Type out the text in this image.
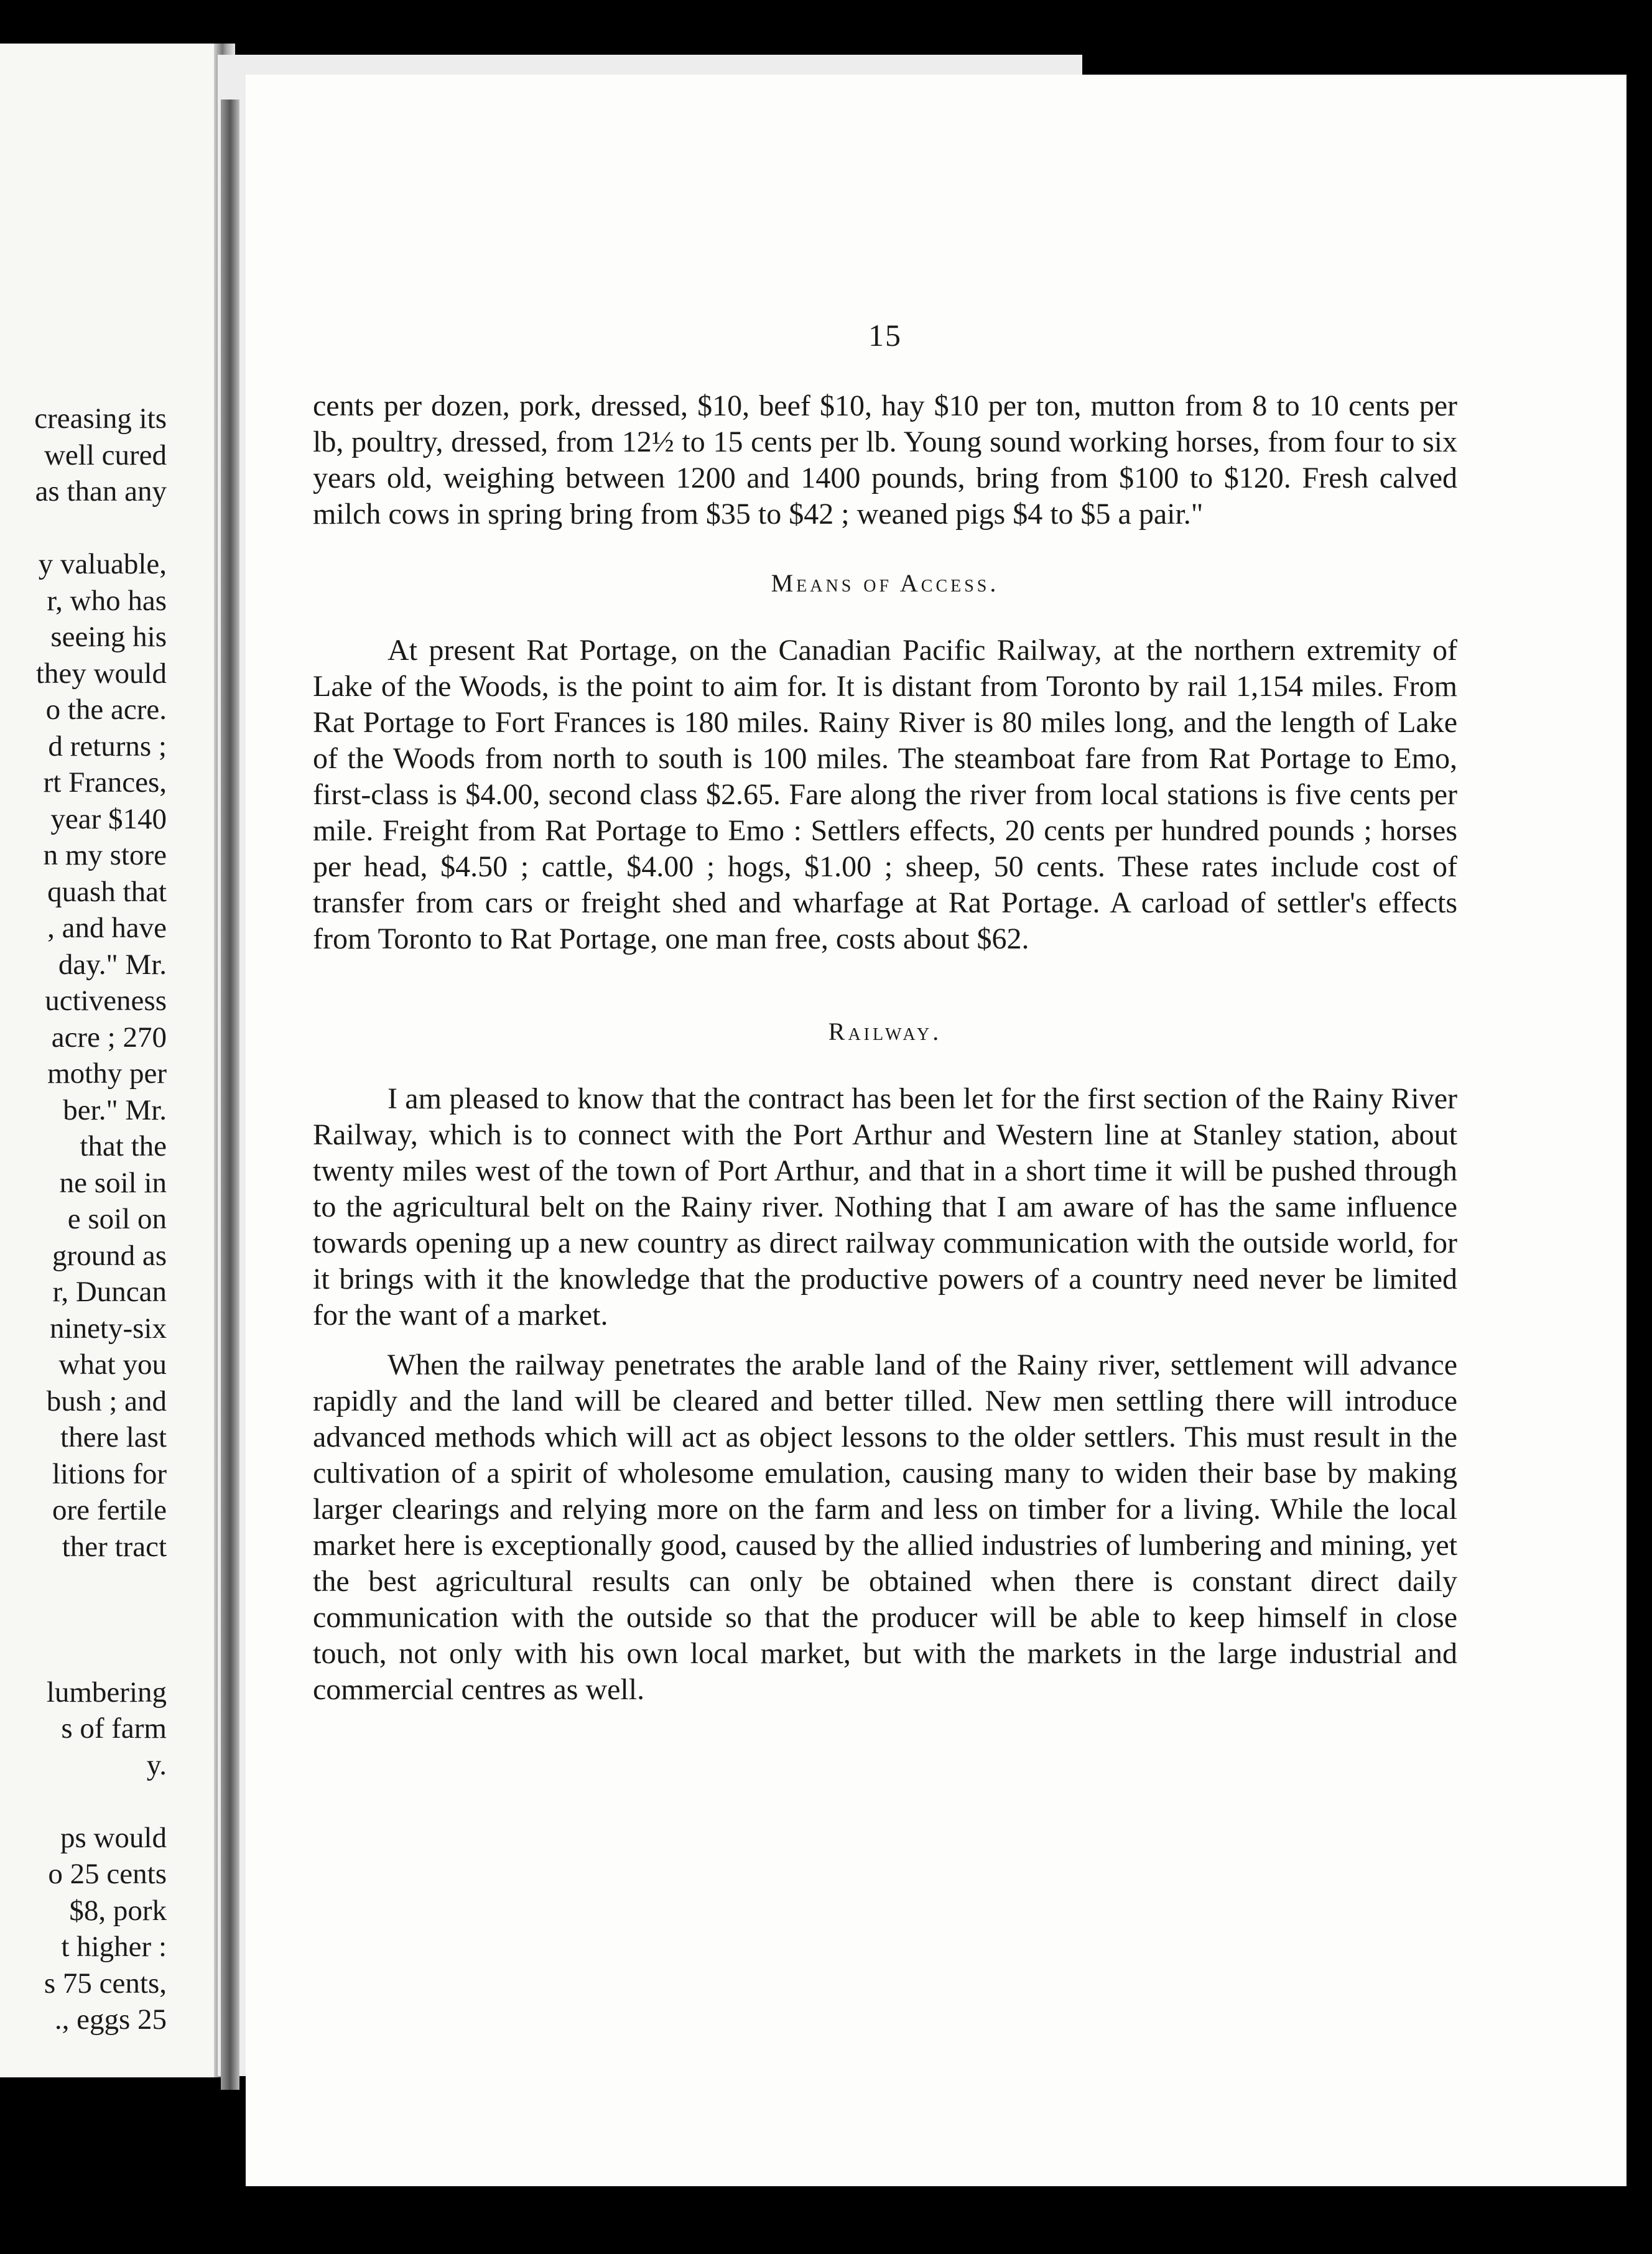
creasing its
well cured
as than any
y valuable,
r, who has
seeing his
they would
o the acre.
d returns ;
rt Frances,
year $140
n my store
quash that
, and have
day." Mr.
uctiveness
acre ; 270
mothy per
ber." Mr.
that the
ne soil in
e soil on
ground as
r, Duncan
ninety-six
what you
bush ; and
there last
litions for
ore fertile
ther tract
lumbering
s of farm
y.
ps would
o 25 cents
$8, pork
t higher :
s 75 cents,
., eggs 25
15

cents per dozen, pork, dressed, $10, beef $10, hay $10 per ton, mutton from 8 to 10 cents per lb, poultry, dressed, from 12½ to 15 cents per lb. Young sound working horses, from four to six years old, weighing between 1200 and 1400 pounds, bring from $100 to $120. Fresh calved milch cows in spring bring from $35 to $42 ; weaned pigs $4 to $5 a pair."

Means of Access.

At present Rat Portage, on the Canadian Pacific Railway, at the northern extremity of Lake of the Woods, is the point to aim for. It is distant from Toronto by rail 1,154 miles. From Rat Portage to Fort Frances is 180 miles. Rainy River is 80 miles long, and the length of Lake of the Woods from north to south is 100 miles. The steamboat fare from Rat Portage to Emo, first-class is $4.00, second class $2.65. Fare along the river from local stations is five cents per mile. Freight from Rat Portage to Emo : Settlers effects, 20 cents per hundred pounds ; horses per head, $4.50 ; cattle, $4.00 ; hogs, $1.00 ; sheep, 50 cents. These rates include cost of transfer from cars or freight shed and wharfage at Rat Portage. A carload of settler's effects from Toronto to Rat Portage, one man free, costs about $62.

Railway.

I am pleased to know that the contract has been let for the first section of the Rainy River Railway, which is to connect with the Port Arthur and Western line at Stanley station, about twenty miles west of the town of Port Arthur, and that in a short time it will be pushed through to the agricultural belt on the Rainy river. Nothing that I am aware of has the same influence towards opening up a new country as direct railway communication with the outside world, for it brings with it the knowledge that the productive powers of a country need never be limited for the want of a market.

When the railway penetrates the arable land of the Rainy river, settlement will advance rapidly and the land will be cleared and better tilled. New men settling there will introduce advanced methods which will act as object lessons to the older settlers. This must result in the cultivation of a spirit of wholesome emulation, causing many to widen their base by making larger clearings and relying more on the farm and less on timber for a living. While the local market here is exceptionally good, caused by the allied industries of lumbering and mining, yet the best agricultural results can only be obtained when there is constant direct daily communication with the outside so that the producer will be able to keep himself in close touch, not only with his own local market, but with the markets in the large industrial and commercial centres as well.
